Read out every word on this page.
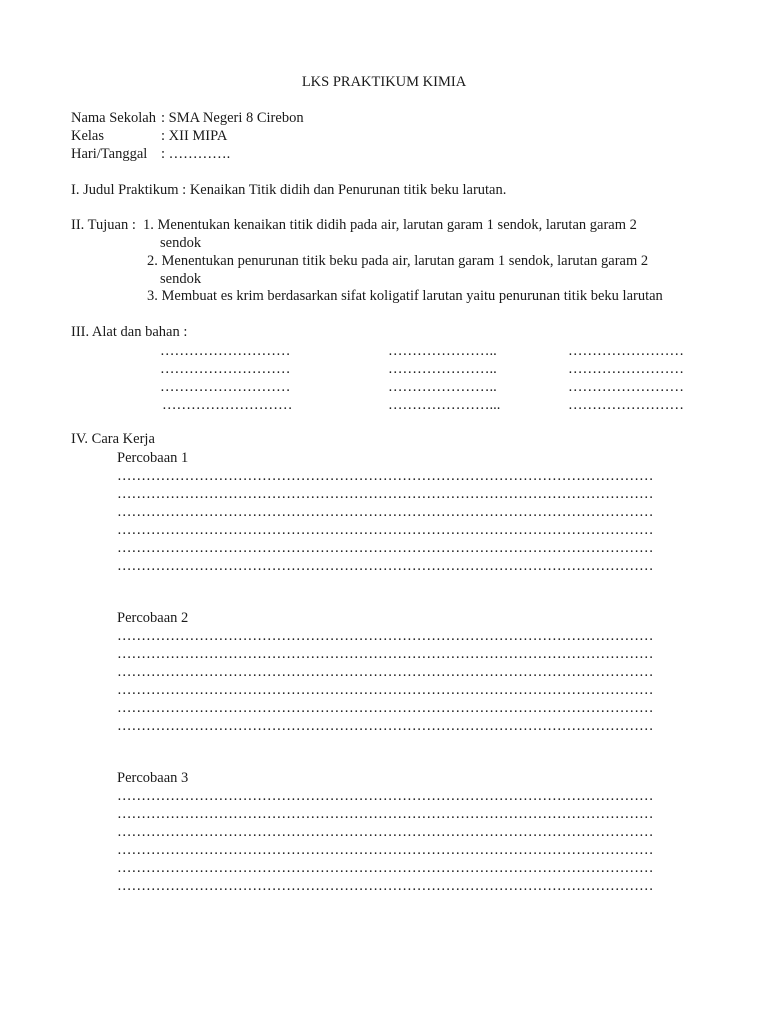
LKS PRAKTIKUM KIMIA
Nama Sekolah : SMA Negeri 8 Cirebon
Kelas	: XII MIPA
Hari/Tanggal : ………….
I. Judul Praktikum : Kenaikan Titik didih dan Penurunan titik beku larutan.
II. Tujuan : 1. Menentukan kenaikan titik didih pada air, larutan garam 1 sendok, larutan garam 2
sendok
2. Menentukan penurunan titik beku pada air, larutan garam 1 sendok, larutan garam 2
sendok
3. Membuat es krim berdasarkan sifat koligatif larutan yaitu penurunan titik beku larutan
III. Alat dan bahan :
………………………	…………………..	……………………
………………………	…………………..	……………………
………………………	…………………..	……………………
………………………	…………………...	……………………
IV. Cara Kerja
Percobaan 1
…………………………………………………………………………………………………
…………………………………………………………………………………………………
…………………………………………………………………………………………………
…………………………………………………………………………………………………
…………………………………………………………………………………………………
…………………………………………………………………………………………………
Percobaan 2
…………………………………………………………………………………………………
…………………………………………………………………………………………………
…………………………………………………………………………………………………
…………………………………………………………………………………………………
…………………………………………………………………………………………………
…………………………………………………………………………………………………
Percobaan 3
…………………………………………………………………………………………………
…………………………………………………………………………………………………
…………………………………………………………………………………………………
…………………………………………………………………………………………………
…………………………………………………………………………………………………
…………………………………………………………………………………………………
